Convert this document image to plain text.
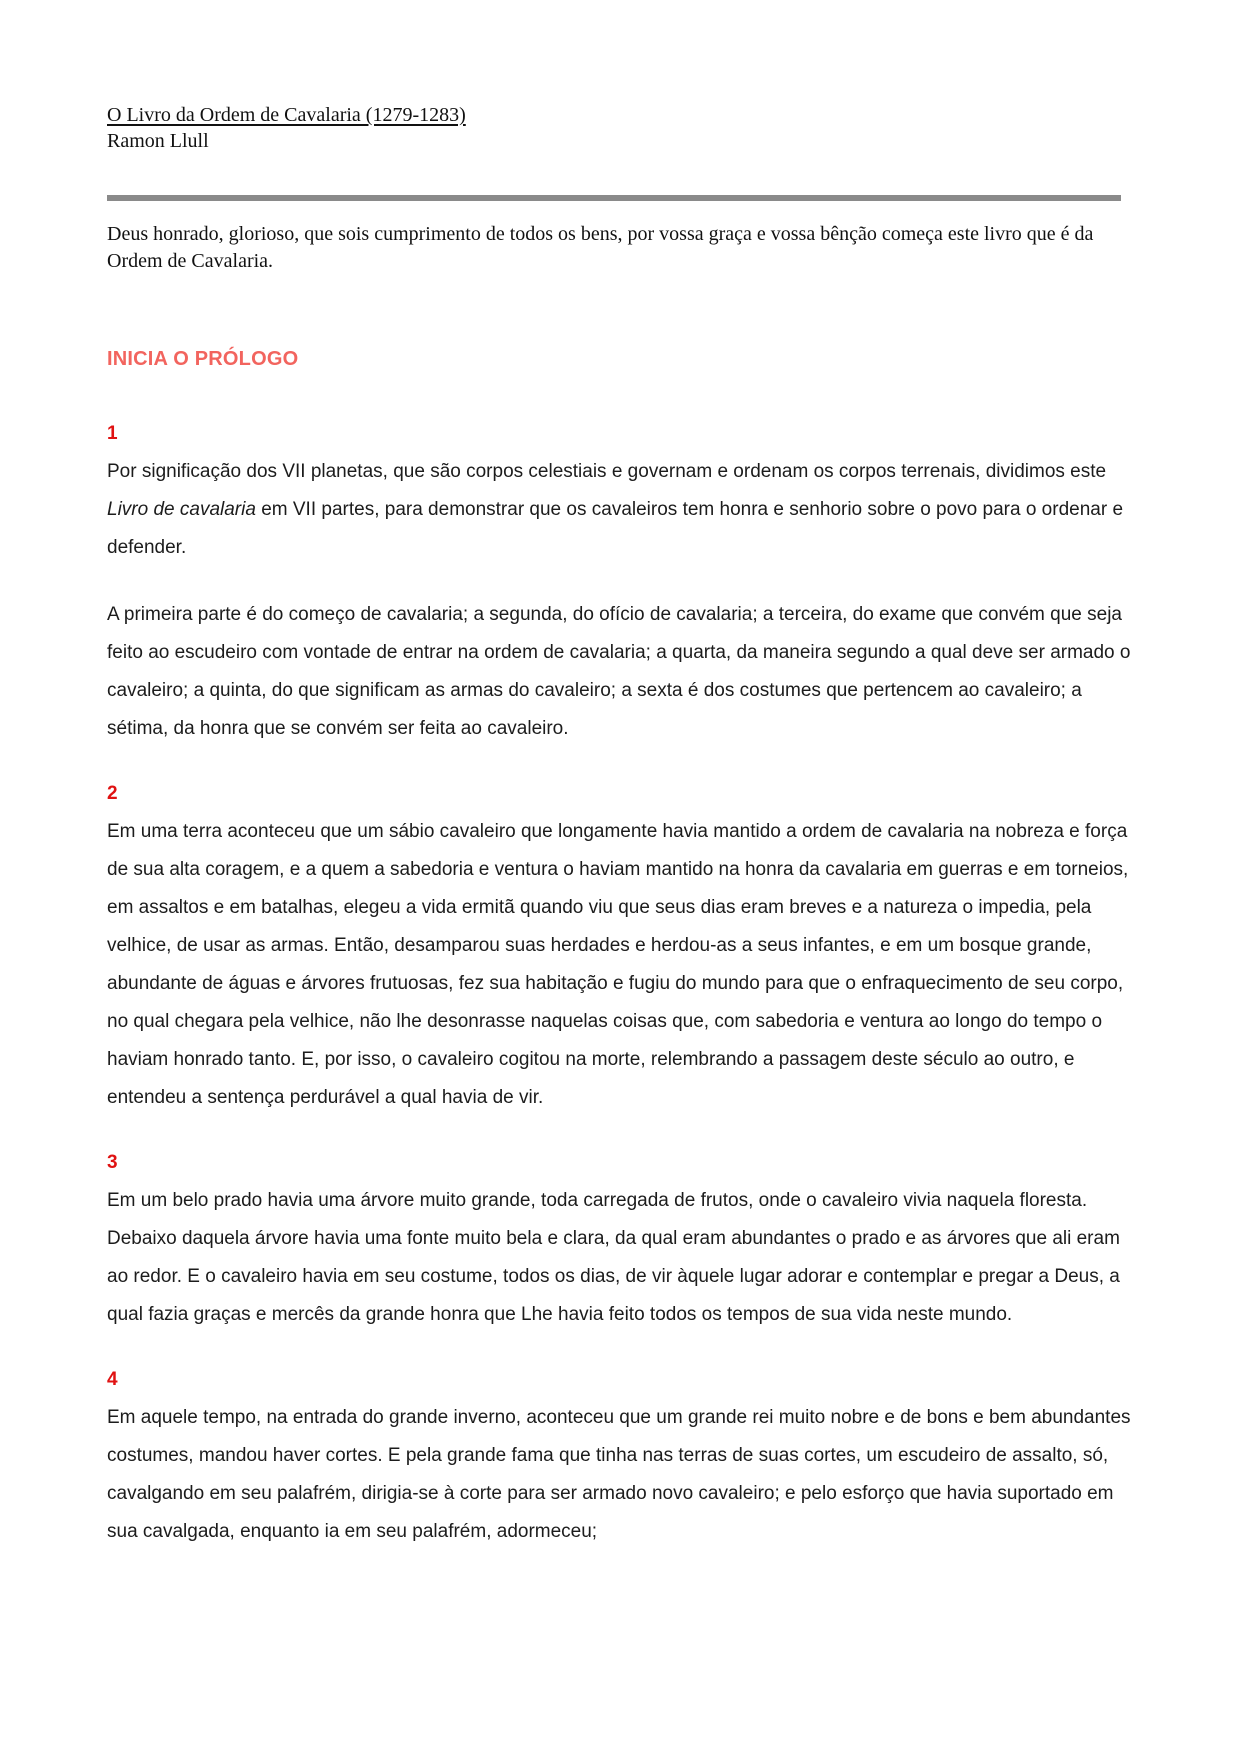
O Livro da Ordem de Cavalaria (1279-1283)
Ramon Llull

Deus honrado, glorioso, que sois cumprimento de todos os bens, por vossa graça e vossa bênção começa este livro que é da Ordem de Cavalaria.

INICIA O PRÓLOGO
1

Por significação dos VII planetas, que são corpos celestiais e governam e ordenam os corpos terrenais, dividimos este Livro de cavalaria em VII partes, para demonstrar que os cavaleiros tem honra e senhorio sobre o povo para o ordenar e defender.

A primeira parte é do começo de cavalaria; a segunda, do ofício de cavalaria; a terceira, do exame que convém que seja feito ao escudeiro com vontade de entrar na ordem de cavalaria; a quarta, da maneira segundo a qual deve ser armado o cavaleiro; a quinta, do que significam as armas do cavaleiro; a sexta é dos costumes que pertencem ao cavaleiro; a sétima, da honra que se convém ser feita ao cavaleiro.

2

Em uma terra aconteceu que um sábio cavaleiro que longamente havia mantido a ordem de cavalaria na nobreza e força de sua alta coragem, e a quem a sabedoria e ventura o haviam mantido na honra da cavalaria em guerras e em torneios, em assaltos e em batalhas, elegeu a vida ermitã quando viu que seus dias eram breves e a natureza o impedia, pela velhice, de usar as armas. Então, desamparou suas herdades e herdou-as a seus infantes, e em um bosque grande, abundante de águas e árvores frutuosas, fez sua habitação e fugiu do mundo para que o enfraquecimento de seu corpo, no qual chegara pela velhice, não lhe desonrasse naquelas coisas que, com sabedoria e ventura ao longo do tempo o haviam honrado tanto. E, por isso, o cavaleiro cogitou na morte, relembrando a passagem deste século ao outro, e entendeu a sentença perdurável a qual havia de vir.

3

Em um belo prado havia uma árvore muito grande, toda carregada de frutos, onde o cavaleiro vivia naquela floresta. Debaixo daquela árvore havia uma fonte muito bela e clara, da qual eram abundantes o prado e as árvores que ali eram ao redor. E o cavaleiro havia em seu costume, todos os dias, de vir àquele lugar adorar e contemplar e pregar a Deus, a qual fazia graças e mercês da grande honra que Lhe havia feito todos os tempos de sua vida neste mundo.

4

Em aquele tempo, na entrada do grande inverno, aconteceu que um grande rei muito nobre e de bons e bem abundantes costumes, mandou haver cortes. E pela grande fama que tinha nas terras de suas cortes, um escudeiro de assalto, só, cavalgando em seu palafrém, dirigia-se à corte para ser armado novo cavaleiro; e pelo esforço que havia suportado em sua cavalgada, enquanto ia em seu palafrém, adormeceu;
